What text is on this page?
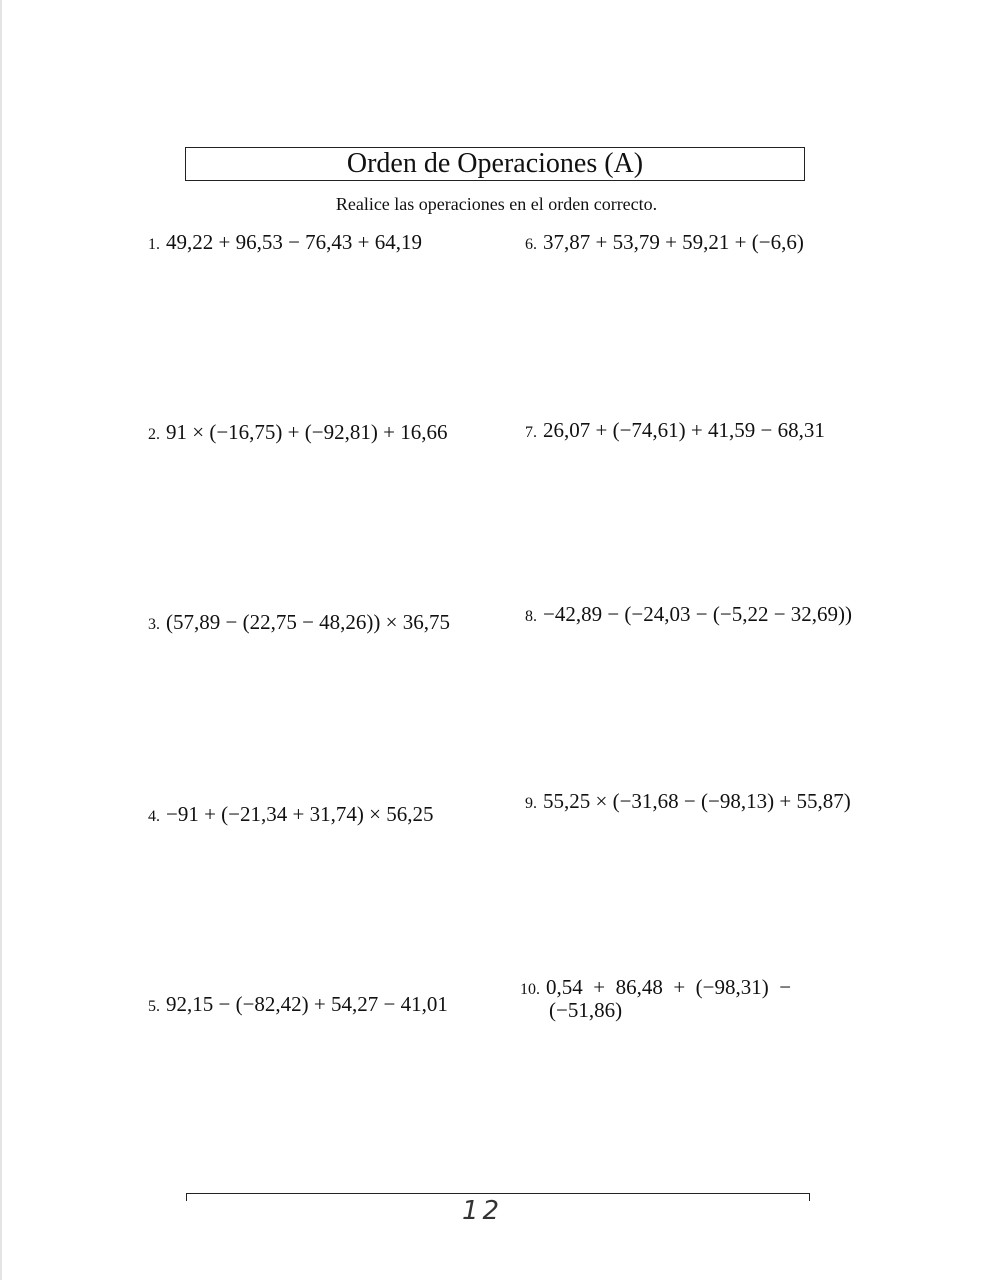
Orden de Operaciones (A)
Realice las operaciones en el orden correcto.
1. 49,22 + 96,53 − 76,43 + 64,19
2. 91 × (−16,75) + (−92,81) + 16,66
3. (57,89 − (22,75 − 48,26)) × 36,75
4. −91 + (−21,34 + 31,74) × 56,25
5. 92,15 − (−82,42) + 54,27 − 41,01
6. 37,87 + 53,79 + 59,21 + (−6,6)
7. 26,07 + (−74,61) + 41,59 − 68,31
8. −42,89 − (−24,03 − (−5,22 − 32,69))
9. 55,25 × (−31,68 − (−98,13) + 55,87)
10. 0,54  +  86,48  +  (−98,31)  −
(−51,86)
12
